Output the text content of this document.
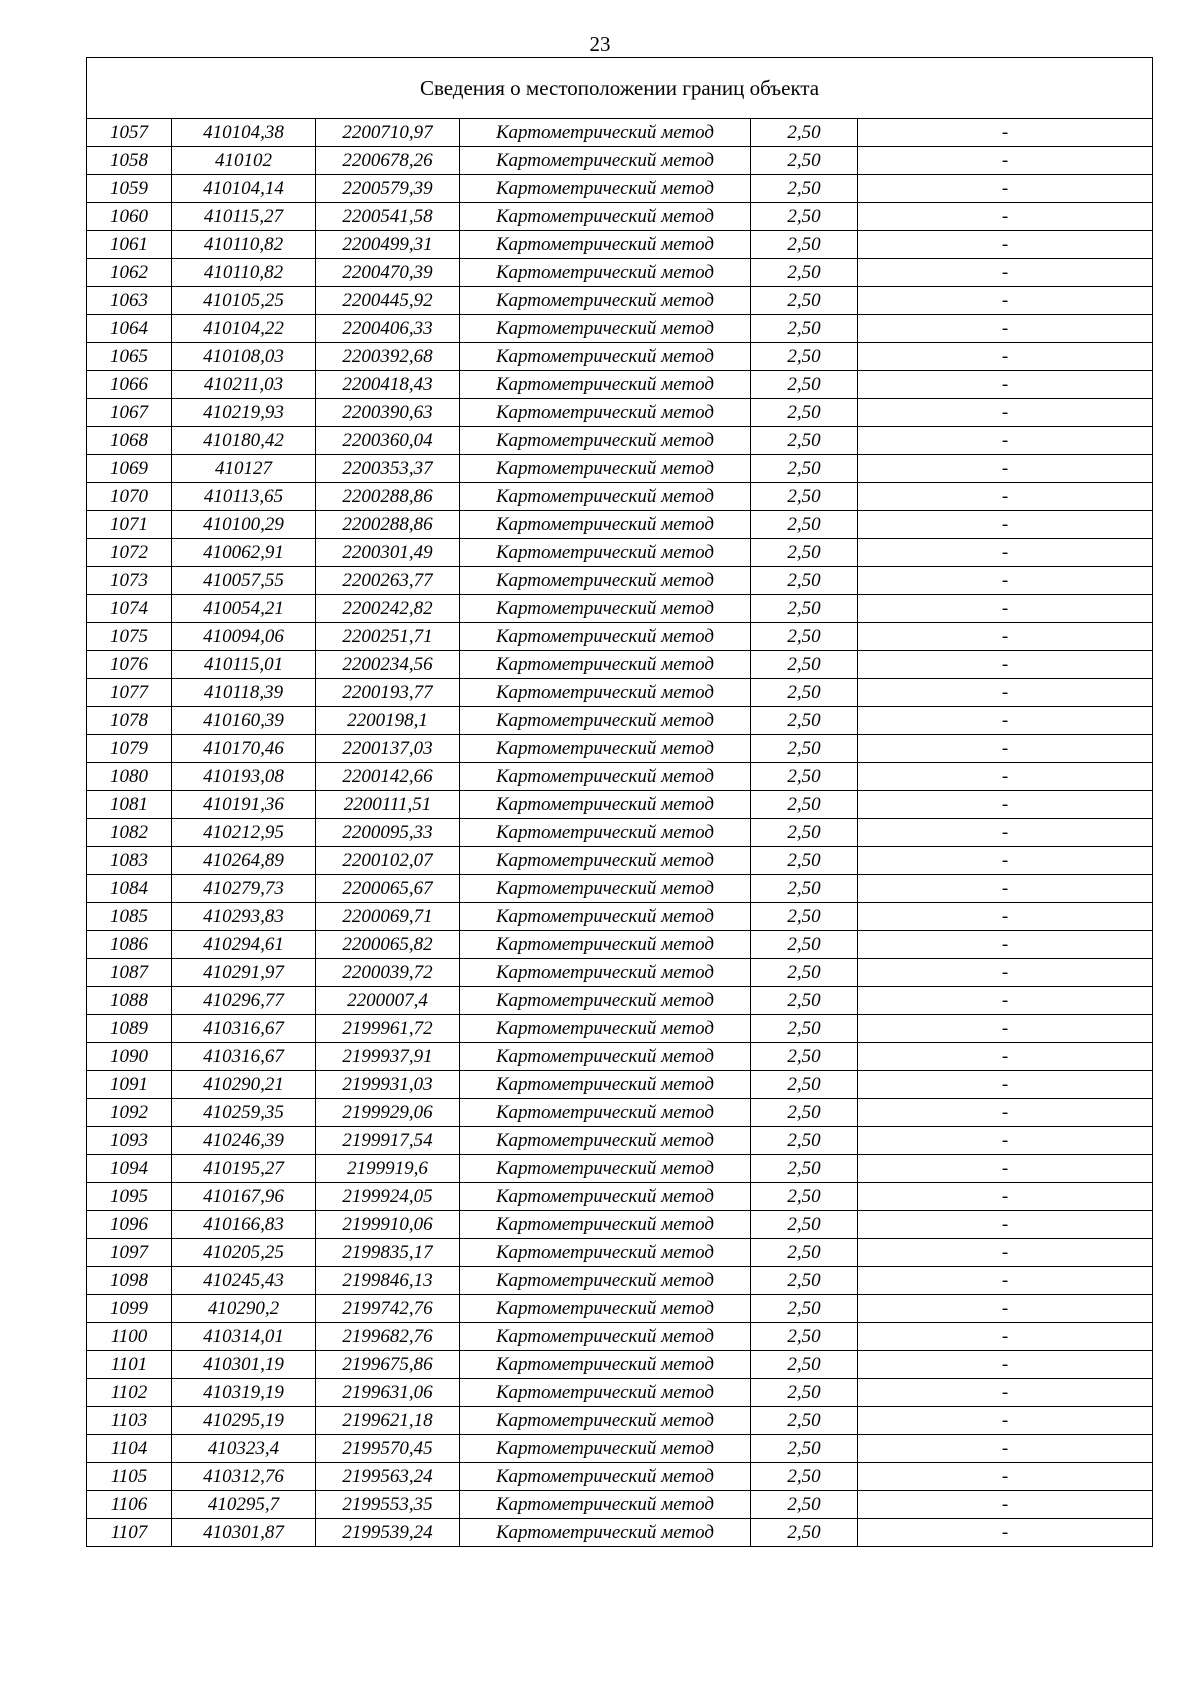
23
Сведения о местоположении границ объекта					
1057	410104,38	2200710,97	Картометрический метод	2,50	-
1058	410102	2200678,26	Картометрический метод	2,50	-
1059	410104,14	2200579,39	Картометрический метод	2,50	-
1060	410115,27	2200541,58	Картометрический метод	2,50	-
1061	410110,82	2200499,31	Картометрический метод	2,50	-
1062	410110,82	2200470,39	Картометрический метод	2,50	-
1063	410105,25	2200445,92	Картометрический метод	2,50	-
1064	410104,22	2200406,33	Картометрический метод	2,50	-
1065	410108,03	2200392,68	Картометрический метод	2,50	-
1066	410211,03	2200418,43	Картометрический метод	2,50	-
1067	410219,93	2200390,63	Картометрический метод	2,50	-
1068	410180,42	2200360,04	Картометрический метод	2,50	-
1069	410127	2200353,37	Картометрический метод	2,50	-
1070	410113,65	2200288,86	Картометрический метод	2,50	-
1071	410100,29	2200288,86	Картометрический метод	2,50	-
1072	410062,91	2200301,49	Картометрический метод	2,50	-
1073	410057,55	2200263,77	Картометрический метод	2,50	-
1074	410054,21	2200242,82	Картометрический метод	2,50	-
1075	410094,06	2200251,71	Картометрический метод	2,50	-
1076	410115,01	2200234,56	Картометрический метод	2,50	-
1077	410118,39	2200193,77	Картометрический метод	2,50	-
1078	410160,39	2200198,1	Картометрический метод	2,50	-
1079	410170,46	2200137,03	Картометрический метод	2,50	-
1080	410193,08	2200142,66	Картометрический метод	2,50	-
1081	410191,36	2200111,51	Картометрический метод	2,50	-
1082	410212,95	2200095,33	Картометрический метод	2,50	-
1083	410264,89	2200102,07	Картометрический метод	2,50	-
1084	410279,73	2200065,67	Картометрический метод	2,50	-
1085	410293,83	2200069,71	Картометрический метод	2,50	-
1086	410294,61	2200065,82	Картометрический метод	2,50	-
1087	410291,97	2200039,72	Картометрический метод	2,50	-
1088	410296,77	2200007,4	Картометрический метод	2,50	-
1089	410316,67	2199961,72	Картометрический метод	2,50	-
1090	410316,67	2199937,91	Картометрический метод	2,50	-
1091	410290,21	2199931,03	Картометрический метод	2,50	-
1092	410259,35	2199929,06	Картометрический метод	2,50	-
1093	410246,39	2199917,54	Картометрический метод	2,50	-
1094	410195,27	2199919,6	Картометрический метод	2,50	-
1095	410167,96	2199924,05	Картометрический метод	2,50	-
1096	410166,83	2199910,06	Картометрический метод	2,50	-
1097	410205,25	2199835,17	Картометрический метод	2,50	-
1098	410245,43	2199846,13	Картометрический метод	2,50	-
1099	410290,2	2199742,76	Картометрический метод	2,50	-
1100	410314,01	2199682,76	Картометрический метод	2,50	-
1101	410301,19	2199675,86	Картометрический метод	2,50	-
1102	410319,19	2199631,06	Картометрический метод	2,50	-
1103	410295,19	2199621,18	Картометрический метод	2,50	-
1104	410323,4	2199570,45	Картометрический метод	2,50	-
1105	410312,76	2199563,24	Картометрический метод	2,50	-
1106	410295,7	2199553,35	Картометрический метод	2,50	-
1107	410301,87	2199539,24	Картометрический метод	2,50	-
